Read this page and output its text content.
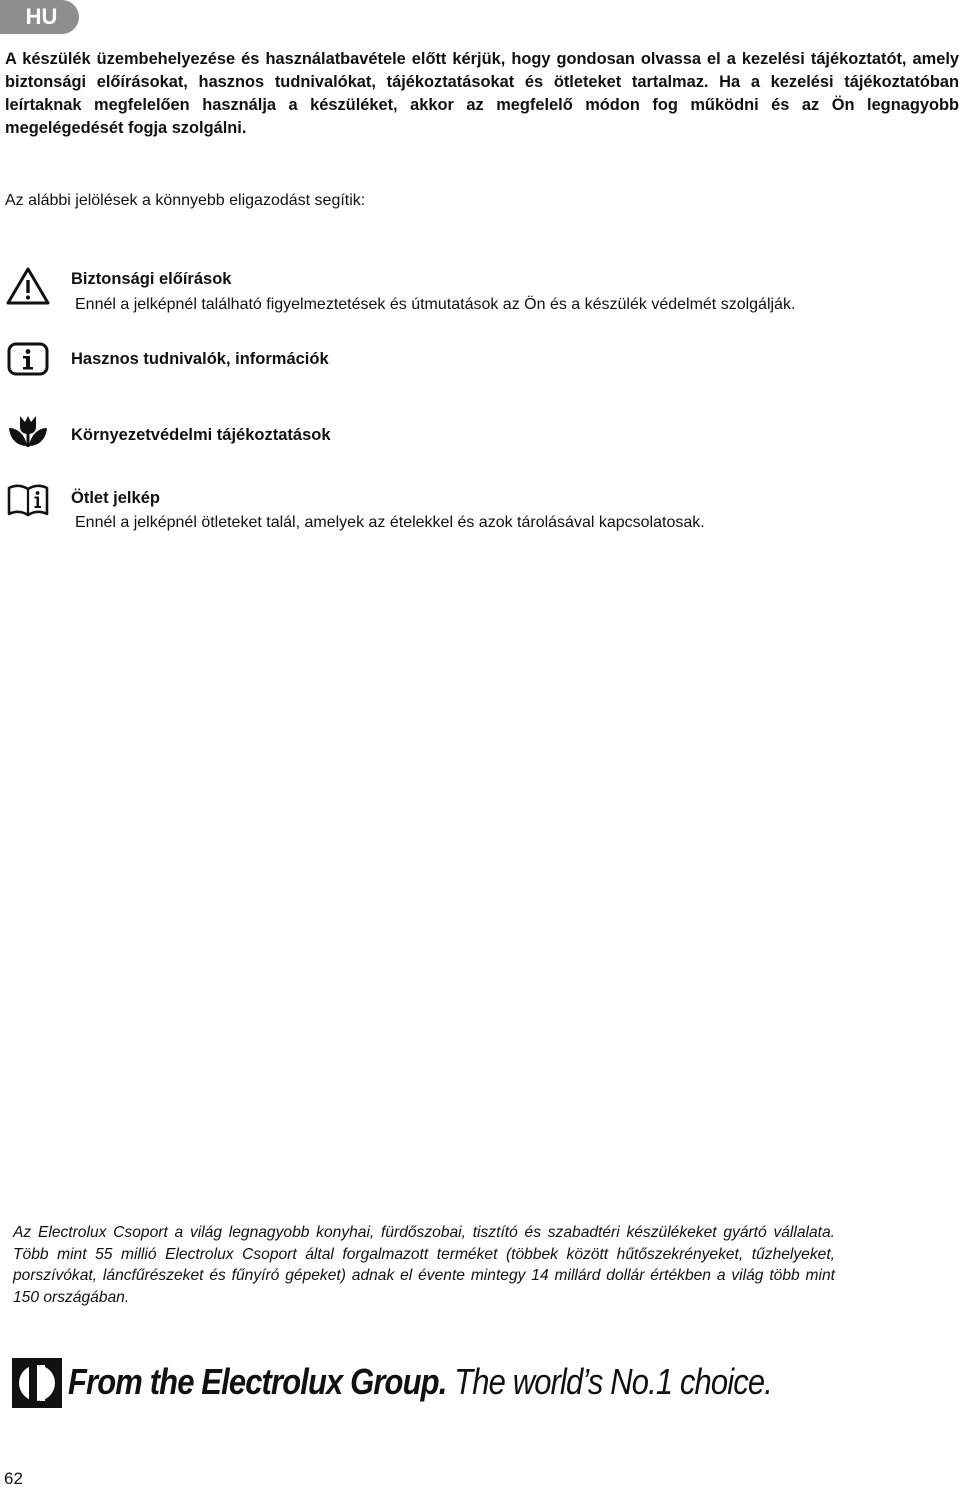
HU

A készülék üzembehelyezése és használatbavétele előtt kérjük, hogy gondosan olvassa el a kezelési tájékoztatót, amely biztonsági előírásokat, hasznos tudnivalókat, tájékoztatásokat és ötleteket tartalmaz. Ha a kezelési tájékoztatóban leírtaknak megfelelően használja a készüléket, akkor az megfelelő módon fog működni és az Ön legnagyobb megelégedését fogja szolgálni.

Az alábbi jelölések a könnyebb eligazodást segítik:

Biztonsági előírások

Ennél a jelképnél található figyelmeztetések és útmutatások az Ön és a készülék védelmét szolgálják.

Hasznos tudnivalók, információk

Környezetvédelmi tájékoztatások

Ötlet jelkép

Ennél a jelképnél ötleteket talál, amelyek az ételekkel és azok tárolásával kapcsolatosak.

Az Electrolux Csoport a világ legnagyobb konyhai, fürdőszobai, tisztító és szabadtéri készülékeket gyártó vállalata. Több mint 55 millió Electrolux Csoport által forgalmazott terméket (többek között hűtőszekrényeket, tűzhelyeket, porszívókat, láncfűrészeket és fűnyíró gépeket) adnak el évente mintegy 14 millárd dollár értékben a világ több mint 150 országában.

From the Electrolux Group. The world’s No.1 choice.

62
